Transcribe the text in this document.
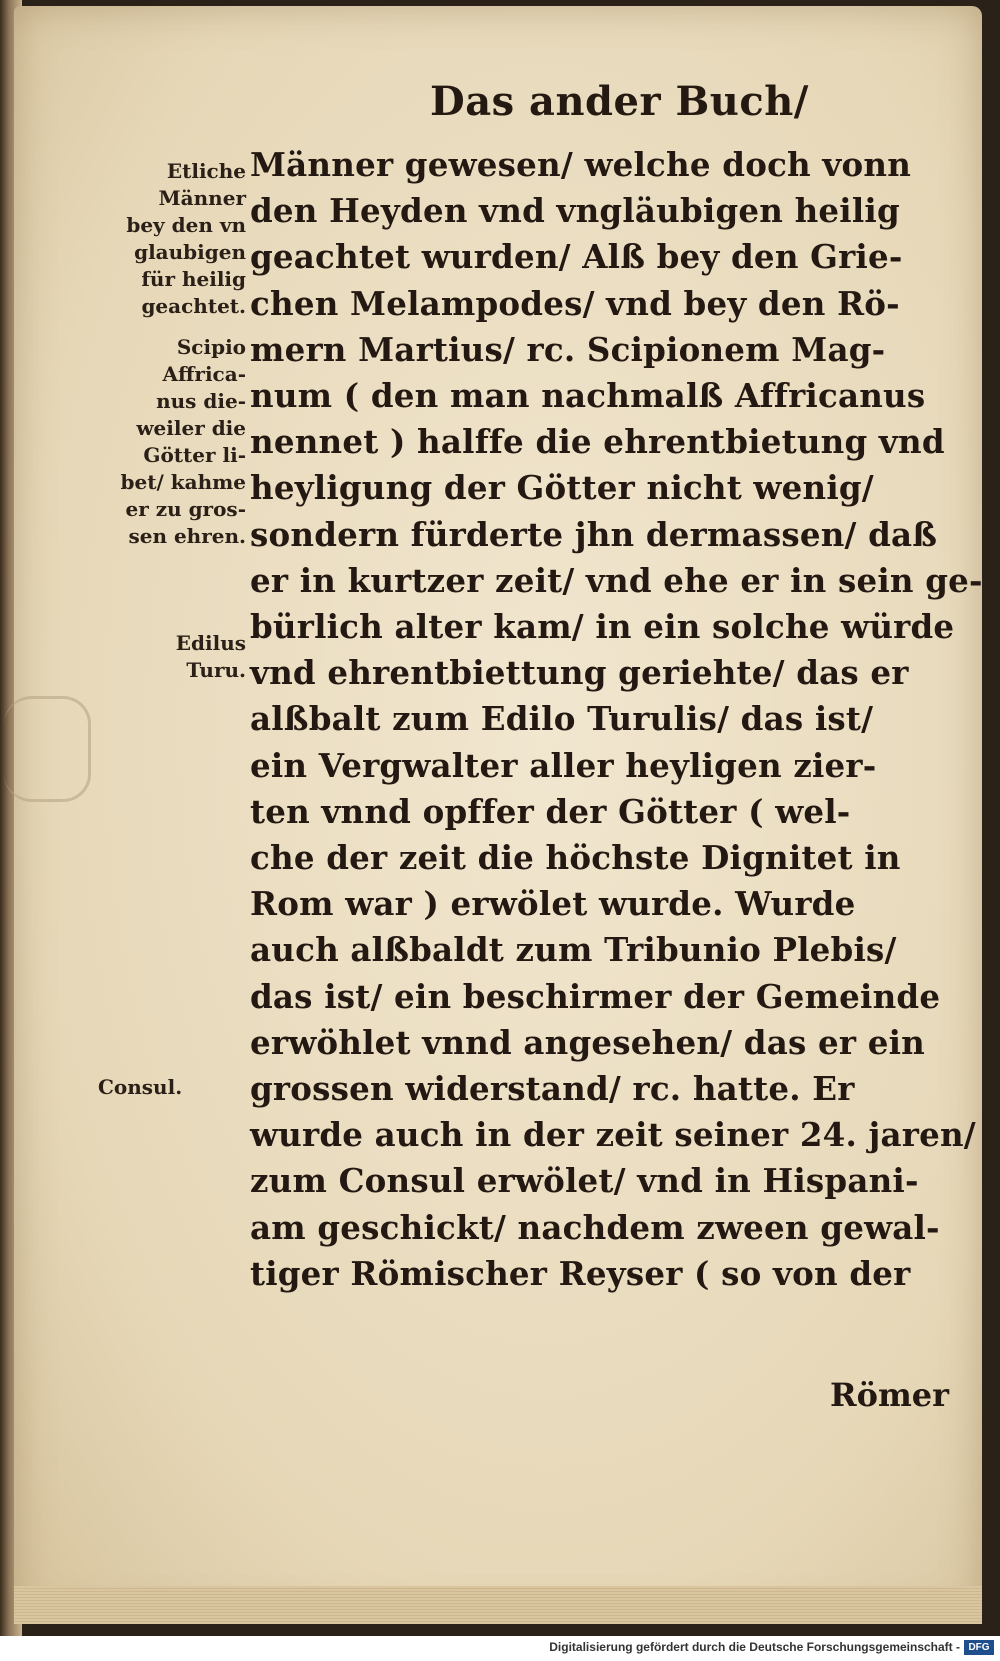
Das ander Buch/
Etliche
Männer
bey den vn
glaubigen
für heilig
geachtet.
Scipio
Affrica-
nus die-
weiler die
Götter li-
bet/ kahme
er zu gros-
sen ehren.
Edilus
Turu.
Consul.
Männer gewesen/ welche doch vonn
den Heyden vnd vngläubigen heilig
geachtet wurden/ Alß bey den Grie-
chen Melampodes/ vnd bey den Rö-
mern Martius/ rc. Scipionem Mag-
num ( den man nachmalß Affricanus
nennet ) halffe die ehrentbietung vnd
heyligung der Götter nicht wenig/
sondern fürderte jhn dermassen/ daß
er in kurtzer zeit/ vnd ehe er in sein ge-
bürlich alter kam/ in ein solche würde
vnd ehrentbiettung geriehte/ das er
alßbalt zum Edilo Turulis/ das ist/
ein Vergwalter aller heyligen zier-
ten vnnd opffer der Götter ( wel-
che der zeit die höchste Dignitet in
Rom war ) erwölet wurde. Wurde
auch alßbaldt zum Tribunio Plebis/
das ist/ ein beschirmer der Gemeinde
erwöhlet vnnd angesehen/ das er ein
grossen widerstand/ rc. hatte. Er
wurde auch in der zeit seiner 24. jaren/
zum Consul erwölet/ vnd in Hispani-
am geschickt/ nachdem zween gewal-
tiger Römischer Reyser ( so von der
Römer
Digitalisierung gefördert durch die Deutsche Forschungsgemeinschaft - DFG
